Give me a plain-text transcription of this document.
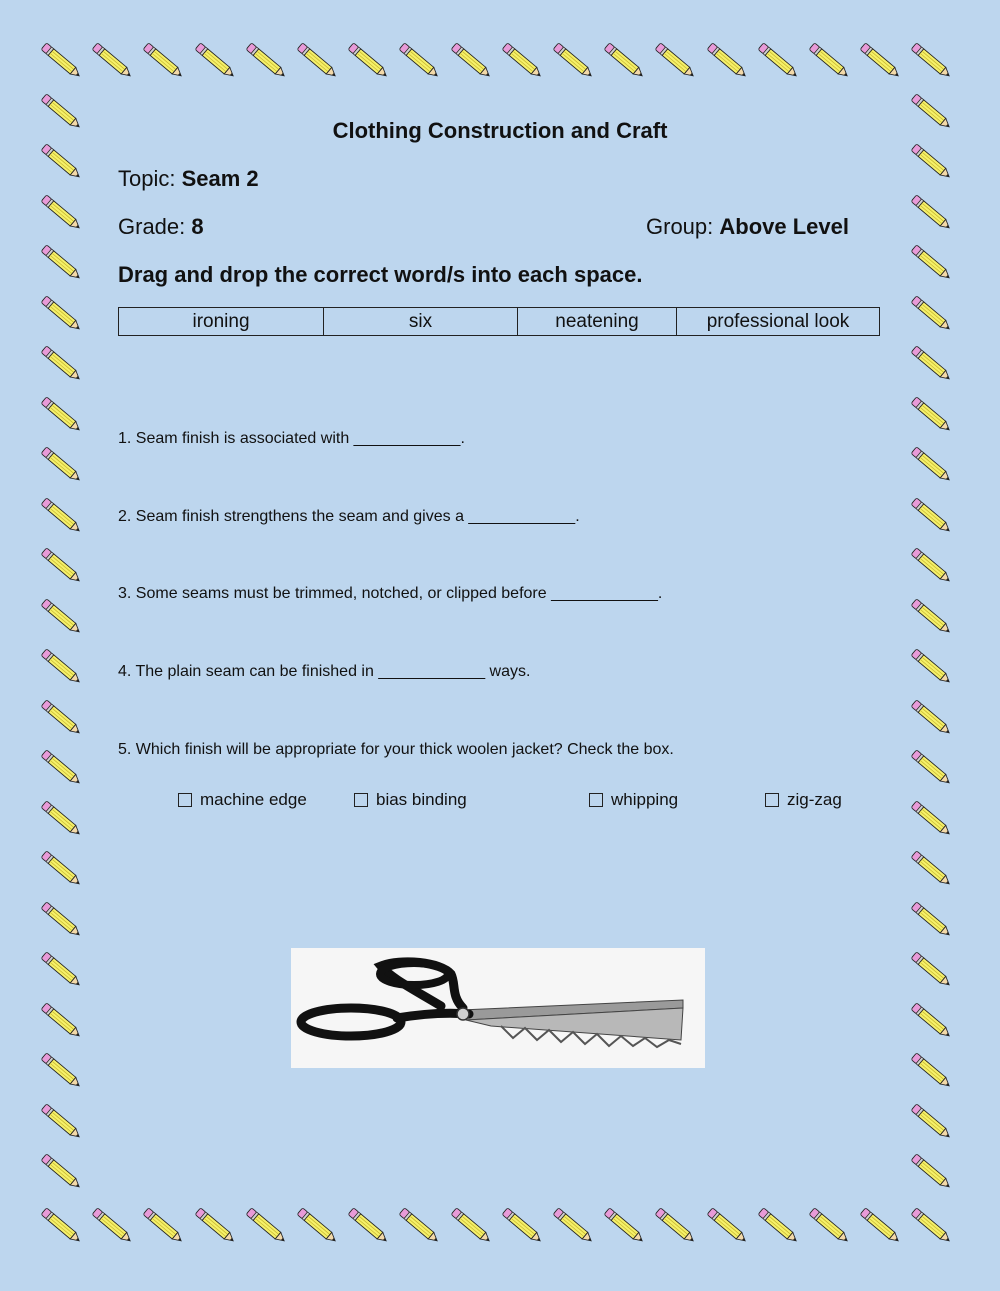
Clothing Construction and Craft
Topic: Seam 2
Grade: 8	Group: Above Level
Drag and drop the correct word/s into each space.
ironing	six	neatening	professional look
1. Seam finish is associated with ____________.
2. Seam finish strengthens the seam and gives a ____________.
3. Some seams must be trimmed, notched, or clipped before ____________.
4. The plain seam can be finished in ____________ ways.
5. Which finish will be appropriate for your thick woolen jacket? Check the box.
machine edge	bias binding	whipping	zig-zag
